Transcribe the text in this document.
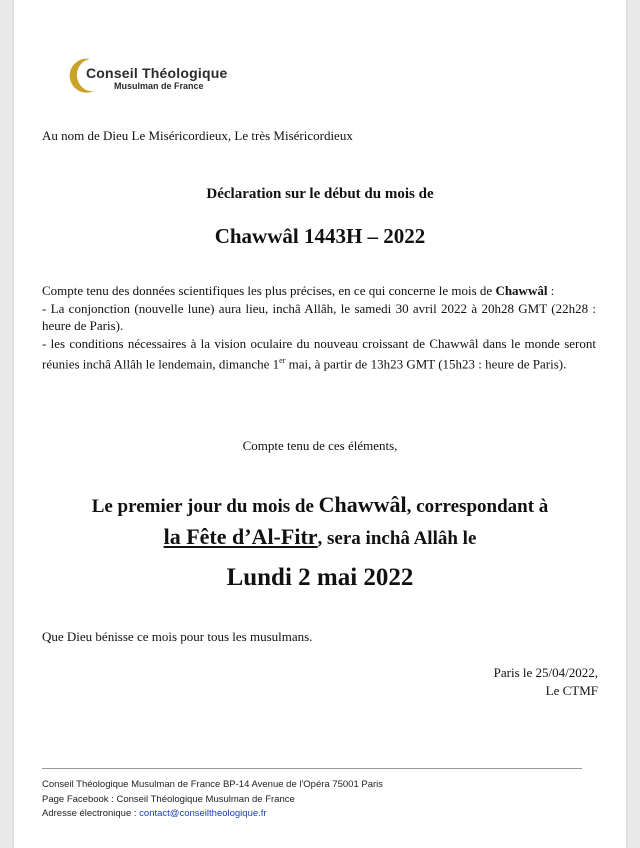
Conseil Théologique
Musulman de France
Au nom de Dieu Le Miséricordieux, Le très Miséricordieux
Déclaration sur le début du mois de
Chawwâl 1443H – 2022

Compte tenu des données scientifiques les plus précises, en ce qui concerne le mois de Chawwâl :

- La conjonction (nouvelle lune) aura lieu, inchâ Allâh, le samedi 30 avril 2022 à 20h28 GMT (22h28 : heure de Paris).

- les conditions nécessaires à la vision oculaire du nouveau croissant de Chawwâl dans le monde seront réunies inchâ Allâh le lendemain, dimanche 1er mai, à partir de 13h23 GMT (15h23 : heure de Paris).

Compte tenu de ces éléments,
Le premier jour du mois de Chawwâl, correspondant à
la Fête d’Al-Fitr, sera inchâ Allâh le
Lundi 2 mai 2022
Que Dieu bénisse ce mois pour tous les musulmans.
Paris le 25/04/2022,
Le CTMF
Conseil Théologique Musulman de France BP-14 Avenue de l'Opéra 75001 Paris
Page Facebook : Conseil Théologique Musulman de France
Adresse électronique : contact@conseiltheologique.fr
